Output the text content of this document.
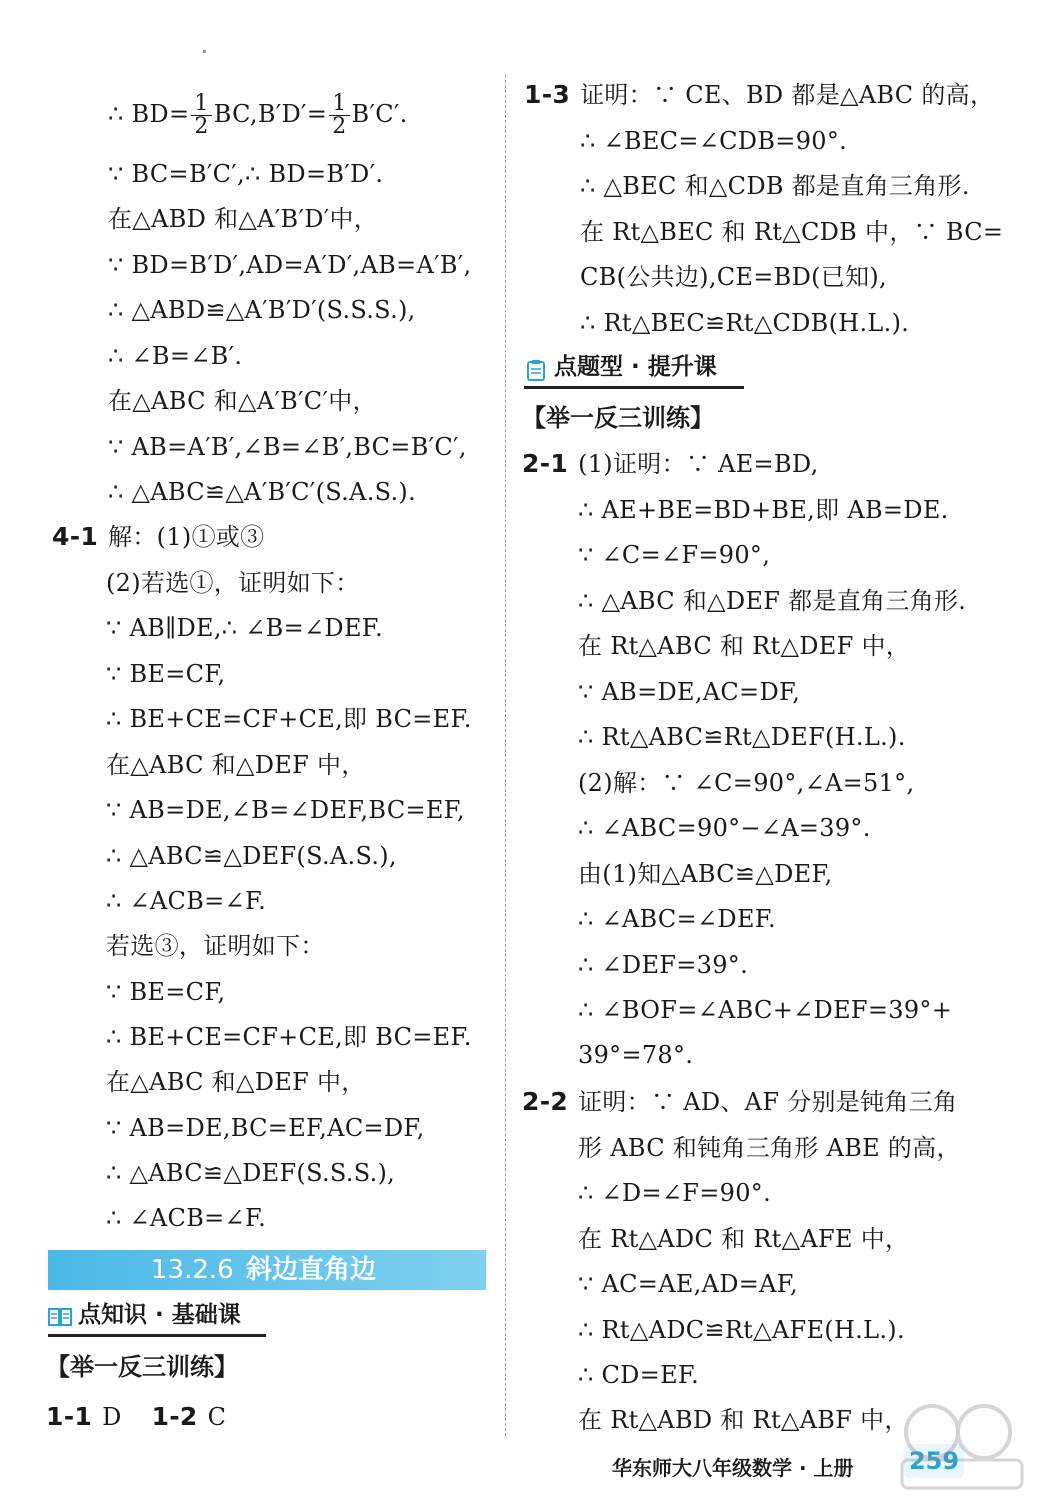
∴ $BD= \frac{1}{2} BC,B'D'= \frac{1}{2} B'C'$.
∵ BC=B′C′,∴ BD=B′D′.
在△ABD 和△A′B′D′中，
∵ BD=B′D′,AD=A′D′,AB=A′B′,
∴ △ABD≌△A′B′D′(S.S.S.),
∴ ∠B=∠B′.
在△ABC 和△A′B′C′中，
∵ AB=A′B′,∠B=∠B′,BC=B′C′,
∴ △ABC≌△A′B′C′(S.A.S.).
4-1 解：(1)①或③
(2)若选①，证明如下：
∵ AB∥DE,∴ ∠B=∠DEF.
∵ BE=CF,
∴ BE+CE=CF+CE,即 BC=EF.
在△ABC 和△DEF 中，
∵ AB=DE,∠B=∠DEF,BC=EF,
∴ △ABC≌△DEF(S.A.S.),
∴ ∠ACB=∠F.
若选③，证明如下：
∵ BE=CF,
∴ BE+CE=CF+CE,即 BC=EF.
在△ABC 和△DEF 中，
∵ AB=DE,BC=EF,AC=DF,
∴ △ABC≌△DEF(S.S.S.),
∴ ∠ACB=∠F.
13.2.6 斜边直角边
点知识 · 基础课
【举一反三训练】
1-1 D 1-2 C
1-3 证明：∵ CE、BD 都是△ABC 的高，
∴ ∠BEC=∠CDB=90°.
∴ △BEC 和△CDB 都是直角三角形.
在 Rt△BEC 和 Rt△CDB 中，∵ BC=
CB(公共边),CE=BD(已知),
∴ Rt△BEC≌Rt△CDB(H.L.).
点题型 · 提升课
【举一反三训练】
2-1 (1)证明：∵ AE=BD,
∴ AE+BE=BD+BE,即 AB=DE.
∵ ∠C=∠F=90°,
∴ △ABC 和△DEF 都是直角三角形.
在 Rt△ABC 和 Rt△DEF 中，
∵ AB=DE,AC=DF,
∴ Rt△ABC≌Rt△DEF(H.L.).
(2)解：∵ ∠C=90°,∠A=51°,
∴ ∠ABC=90°−∠A=39°.
由(1)知△ABC≌△DEF,
∴ ∠ABC=∠DEF.
∴ ∠DEF=39°.
∴ ∠BOF=∠ABC+∠DEF=39°+
39°=78°.
2-2 证明：∵ AD、AF 分别是钝角三角
形 ABC 和钝角三角形 ABE 的高，
∴ ∠D=∠F=90°.
在 Rt△ADC 和 Rt△AFE 中，
∵ AC=AE,AD=AF,
∴ Rt△ADC≌Rt△AFE(H.L.).
∴ CD=EF.
在 Rt△ABD 和 Rt△ABF 中，
华东师大八年级数学 · 上册 259
